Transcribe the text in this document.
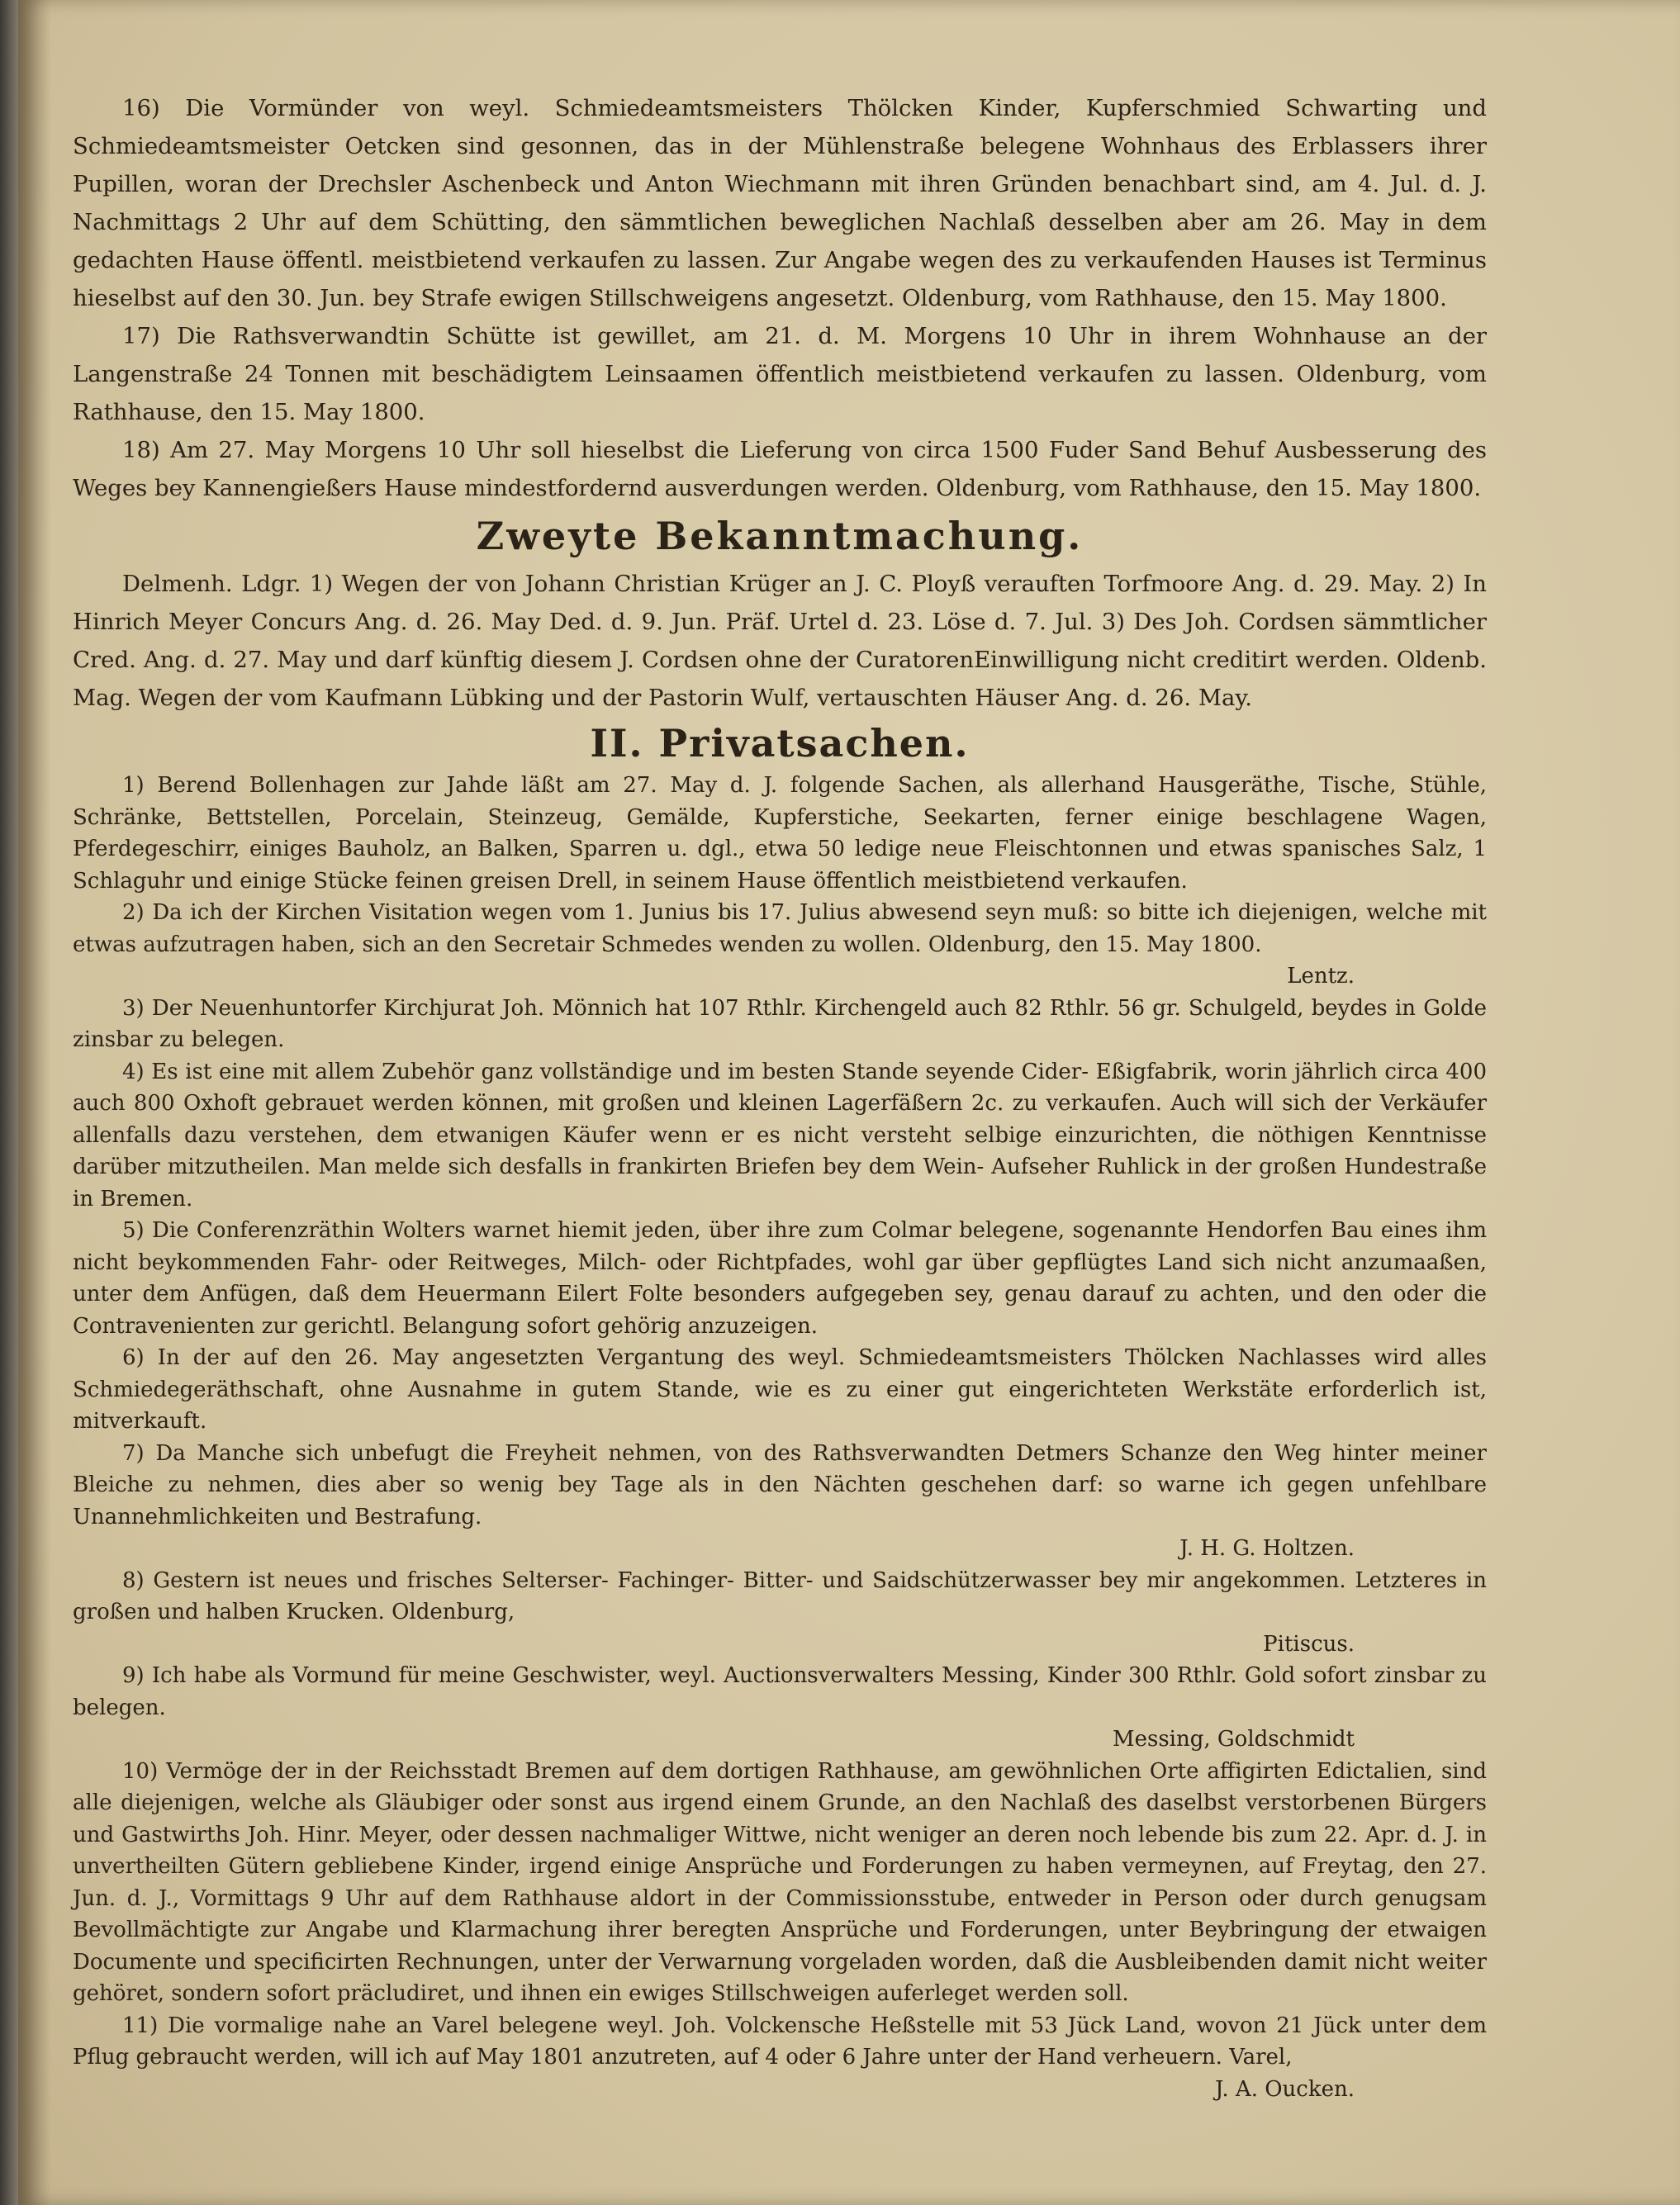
16) Die Vormünder von weyl. Schmiedeamtsmeisters Thölcken Kinder, Kupferschmied Schwarting und Schmiedeamtsmeister Oetcken sind gesonnen, das in der Mühlenstraße belegene Wohnhaus des Erblassers ihrer Pupillen, woran der Drechsler Aschenbeck und Anton Wiechmann mit ihren Gründen benachbart sind, am 4. Jul. d. J. Nachmittags 2 Uhr auf dem Schütting, den sämmtlichen beweglichen Nachlaß desselben aber am 26. May in dem gedachten Hause öffentl. meistbietend verkaufen zu lassen. Zur Angabe wegen des zu verkaufenden Hauses ist Terminus hieselbst auf den 30. Jun. bey Strafe ewigen Stillschweigens angesetzt. Oldenburg, vom Rathhause, den 15. May 1800.

17) Die Rathsverwandtin Schütte ist gewillet, am 21. d. M. Morgens 10 Uhr in ihrem Wohnhause an der Langenstraße 24 Tonnen mit beschädigtem Leinsaamen öffentlich meistbietend verkaufen zu lassen. Oldenburg, vom Rathhause, den 15. May 1800.

18) Am 27. May Morgens 10 Uhr soll hieselbst die Lieferung von circa 1500 Fuder Sand Behuf Ausbesserung des Weges bey Kannengießers Hause mindestfordernd ausverdungen werden. Oldenburg, vom Rathhause, den 15. May 1800.

Zweyte Bekanntmachung.

Delmenh. Ldgr. 1) Wegen der von Johann Christian Krüger an J. C. Ployß verauften Torfmoore Ang. d. 29. May. 2) In Hinrich Meyer Concurs Ang. d. 26. May Ded. d. 9. Jun. Präf. Urtel d. 23. Löse d. 7. Jul. 3) Des Joh. Cordsen sämmtlicher Cred. Ang. d. 27. May und darf künftig diesem J. Cordsen ohne der CuratorenEinwilligung nicht creditirt werden. Oldenb. Mag. Wegen der vom Kaufmann Lübking und der Pastorin Wulf, vertauschten Häuser Ang. d. 26. May.

II. Privatsachen.

1) Berend Bollenhagen zur Jahde läßt am 27. May d. J. folgende Sachen, als allerhand Hausgeräthe, Tische, Stühle, Schränke, Bettstellen, Porcelain, Steinzeug, Gemälde, Kupferstiche, Seekarten, ferner einige beschlagene Wagen, Pferdegeschirr, einiges Bauholz, an Balken, Sparren u. dgl., etwa 50 ledige neue Fleischtonnen und etwas spanisches Salz, 1 Schlaguhr und einige Stücke feinen greisen Drell, in seinem Hause öffentlich meistbietend verkaufen.

2) Da ich der Kirchen Visitation wegen vom 1. Junius bis 17. Julius abwesend seyn muß: so bitte ich diejenigen, welche mit etwas aufzutragen haben, sich an den Secretair Schmedes wenden zu wollen. Oldenburg, den 15. May 1800.

Lentz.

3) Der Neuenhuntorfer Kirchjurat Joh. Mönnich hat 107 Rthlr. Kirchengeld auch 82 Rthlr. 56 gr. Schulgeld, beydes in Golde zinsbar zu belegen.

4) Es ist eine mit allem Zubehör ganz vollständige und im besten Stande seyende Cider- Eßigfabrik, worin jährlich circa 400 auch 800 Oxhoft gebrauet werden können, mit großen und kleinen Lagerfäßern 2c. zu verkaufen. Auch will sich der Verkäufer allenfalls dazu verstehen, dem etwanigen Käufer wenn er es nicht versteht selbige einzurichten, die nöthigen Kenntnisse darüber mitzutheilen. Man melde sich desfalls in frankirten Briefen bey dem Wein- Aufseher Ruhlick in der großen Hundestraße in Bremen.

5) Die Conferenzräthin Wolters warnet hiemit jeden, über ihre zum Colmar belegene, sogenannte Hendorfen Bau eines ihm nicht beykommenden Fahr- oder Reitweges, Milch- oder Richtpfades, wohl gar über gepflügtes Land sich nicht anzumaaßen, unter dem Anfügen, daß dem Heuermann Eilert Folte besonders aufgegeben sey, genau darauf zu achten, und den oder die Contravenienten zur gerichtl. Belangung sofort gehörig anzuzeigen.

6) In der auf den 26. May angesetzten Vergantung des weyl. Schmiedeamtsmeisters Thölcken Nachlasses wird alles Schmiedegeräthschaft, ohne Ausnahme in gutem Stande, wie es zu einer gut eingerichteten Werkstäte erforderlich ist, mitverkauft.

7) Da Manche sich unbefugt die Freyheit nehmen, von des Rathsverwandten Detmers Schanze den Weg hinter meiner Bleiche zu nehmen, dies aber so wenig bey Tage als in den Nächten geschehen darf: so warne ich gegen unfehlbare Unannehmlichkeiten und Bestrafung.

J. H. G. Holtzen.

8) Gestern ist neues und frisches Selterser- Fachinger- Bitter- und Saidschützerwasser bey mir angekommen. Letzteres in großen und halben Krucken. Oldenburg,

Pitiscus.

9) Ich habe als Vormund für meine Geschwister, weyl. Auctionsverwalters Messing, Kinder 300 Rthlr. Gold sofort zinsbar zu belegen.

Messing, Goldschmidt

10) Vermöge der in der Reichsstadt Bremen auf dem dortigen Rathhause, am gewöhnlichen Orte affigirten Edictalien, sind alle diejenigen, welche als Gläubiger oder sonst aus irgend einem Grunde, an den Nachlaß des daselbst verstorbenen Bürgers und Gastwirths Joh. Hinr. Meyer, oder dessen nachmaliger Wittwe, nicht weniger an deren noch lebende bis zum 22. Apr. d. J. in unvertheilten Gütern gebliebene Kinder, irgend einige Ansprüche und Forderungen zu haben vermeynen, auf Freytag, den 27. Jun. d. J., Vormittags 9 Uhr auf dem Rathhause aldort in der Commissionsstube, entweder in Person oder durch genugsam Bevollmächtigte zur Angabe und Klarmachung ihrer beregten Ansprüche und Forderungen, unter Beybringung der etwaigen Documente und specificirten Rechnungen, unter der Verwarnung vorgeladen worden, daß die Ausbleibenden damit nicht weiter gehöret, sondern sofort präcludiret, und ihnen ein ewiges Stillschweigen auferleget werden soll.

11) Die vormalige nahe an Varel belegene weyl. Joh. Volckensche Heßstelle mit 53 Jück Land, wovon 21 Jück unter dem Pflug gebraucht werden, will ich auf May 1801 anzutreten, auf 4 oder 6 Jahre unter der Hand verheuern. Varel,

J. A. Oucken.
